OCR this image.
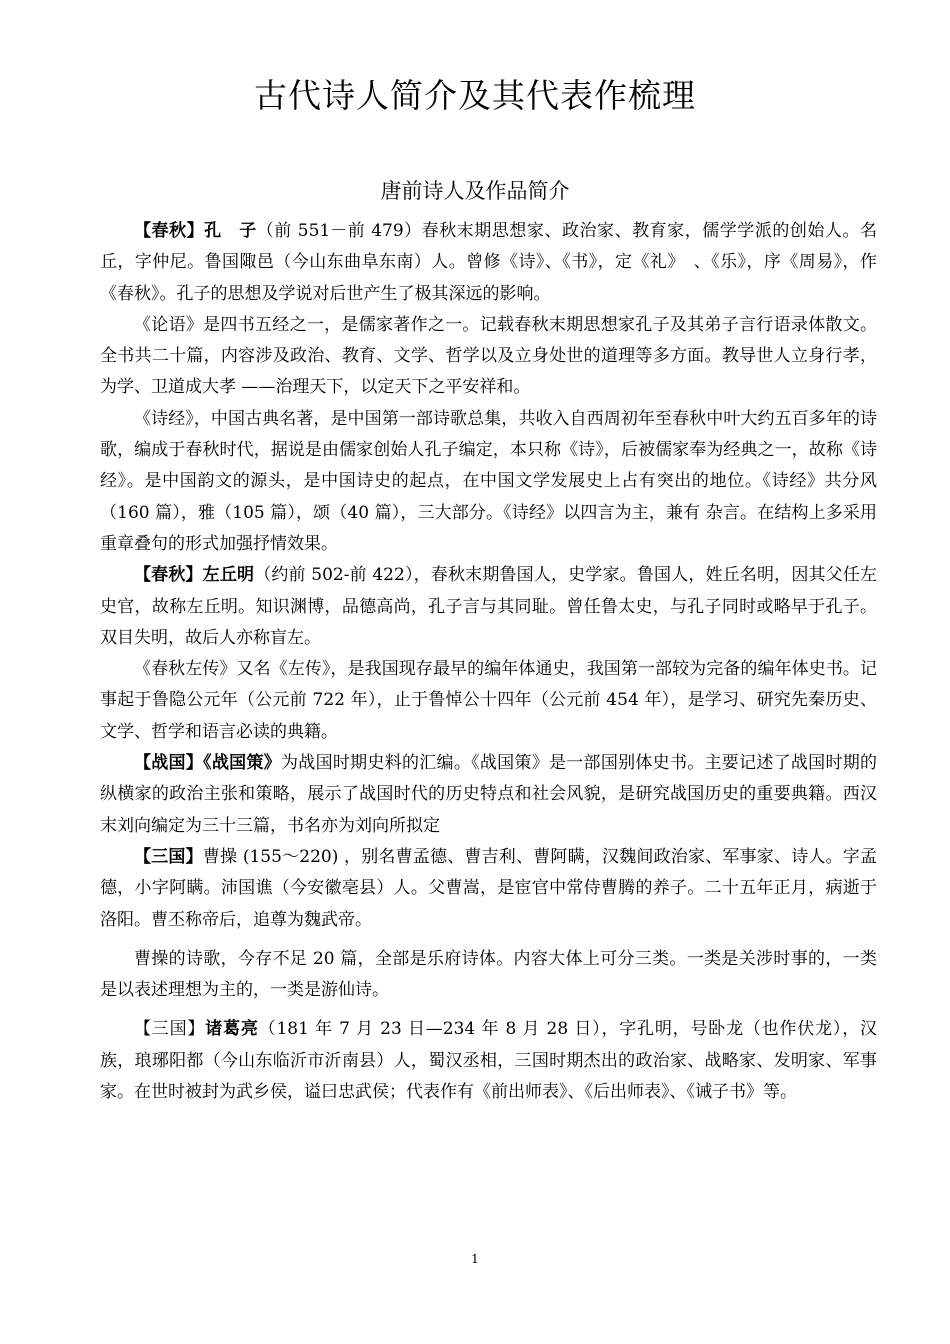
古代诗人简介及其代表作梳理
唐前诗人及作品简介

【春秋】孔　子（前 551－前 479）春秋末期思想家、政治家、教育家，儒学学派的创始人。名丘，字仲尼。鲁国陬邑（今山东曲阜东南）人。曾修《诗》、《书》，定《礼》　、《乐》，序《周易》，作《春秋》。孔子的思想及学说对后世产生了极其深远的影响。

《论语》是四书五经之一，是儒家著作之一。记载春秋末期思想家孔子及其弟子言行语录体散文。全书共二十篇，内容涉及政治、教育、文学、哲学以及立身处世的道理等多方面。教导世人立身行孝，为学、卫道成大孝 ——治理天下，以定天下之平安祥和。

《诗经》，中国古典名著，是中国第一部诗歌总集，共收入自西周初年至春秋中叶大约五百多年的诗歌，编成于春秋时代，据说是由儒家创始人孔子编定，本只称《诗》，后被儒家奉为经典之一，故称《诗经》。是中国韵文的源头，是中国诗史的起点，在中国文学发展史上占有突出的地位。《诗经》共分风（160 篇），雅（105 篇），颂（40 篇），三大部分。《诗经》以四言为主，兼有 杂言。在结构上多采用 重章叠句的形式加强抒情效果。

【春秋】左丘明（约前 502-前 422），春秋末期鲁国人，史学家。鲁国人，姓丘名明，因其父任左史官，故称左丘明。知识渊博，品德高尚，孔子言与其同耻。曾任鲁太史，与孔子同时或略早于孔子。双目失明，故后人亦称盲左。

《春秋左传》又名《左传》，是我国现存最早的编年体通史，我国第一部较为完备的编年体史书。记事起于鲁隐公元年（公元前 722 年），止于鲁悼公十四年（公元前 454 年），是学习、研究先秦历史、文学、哲学和语言必读的典籍。

【战国】《战国策》为战国时期史料的汇编。《战国策》是一部国别体史书。主要记述了战国时期的纵横家的政治主张和策略，展示了战国时代的历史特点和社会风貌，是研究战国历史的重要典籍。西汉末刘向编定为三十三篇，书名亦为刘向所拟定

【三国】曹操 (155～220) ，别名曹孟德、曹吉利、曹阿瞒，汉魏间政治家、军事家、诗人。字孟德，小字阿瞒。沛国谯（今安徽亳县）人。父曹嵩，是宦官中常侍曹腾的养子。二十五年正月，病逝于洛阳。曹丕称帝后，追尊为魏武帝。

曹操的诗歌，今存不足 20 篇，全部是乐府诗体。内容大体上可分三类。一类是关涉时事的，一类是以表述理想为主的，一类是游仙诗。

【三国】诸葛亮（181 年 7 月 23 日—234 年 8 月 28 日），字孔明，号卧龙（也作伏龙），汉族，琅琊阳都（今山东临沂市沂南县）人，蜀汉丞相，三国时期杰出的政治家、战略家、发明家、军事家。在世时被封为武乡侯，谥曰忠武侯；代表作有《前出师表》、《后出师表》、《诫子书》等。

1
